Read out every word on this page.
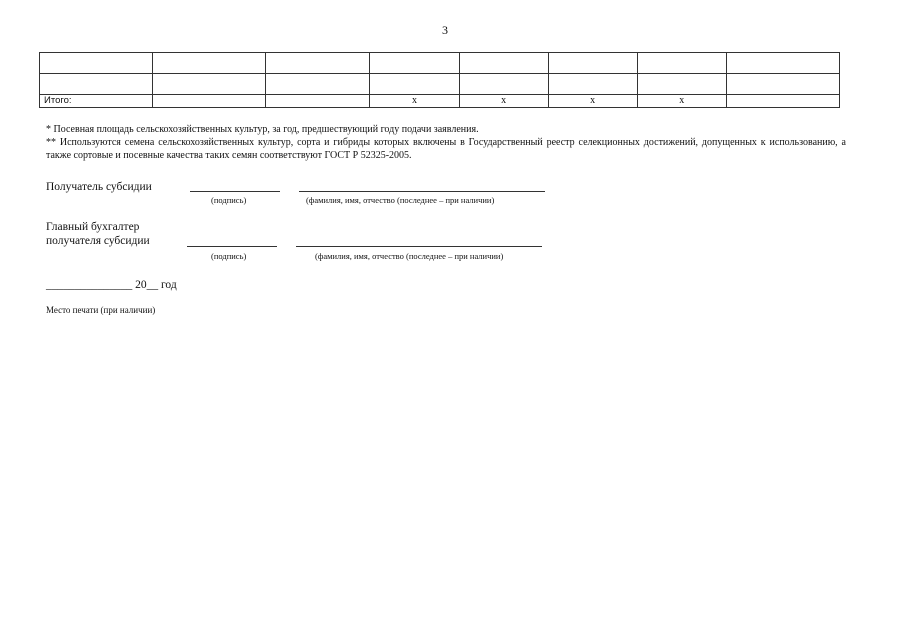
3

Итого:			x	x	x	x	

* Посевная площадь сельскохозяйственных культур, за год, предшествующий году подачи заявления.

** Используются семена сельскохозяйственных культур, сорта и гибриды которых включены в Государственный реестр селекционных достижений, допущенных к использованию, а также сортовые и посевные качества таких семян соответствуют ГОСТ Р 52325-2005.

Получатель субсидии
(подпись)	(фамилия, имя, отчество (последнее – при наличии)
Главный бухгалтер
получателя субсидии
(подпись)	(фамилия, имя, отчество (последнее – при наличии)
_______________ 20__ год
Место печати (при наличии)
